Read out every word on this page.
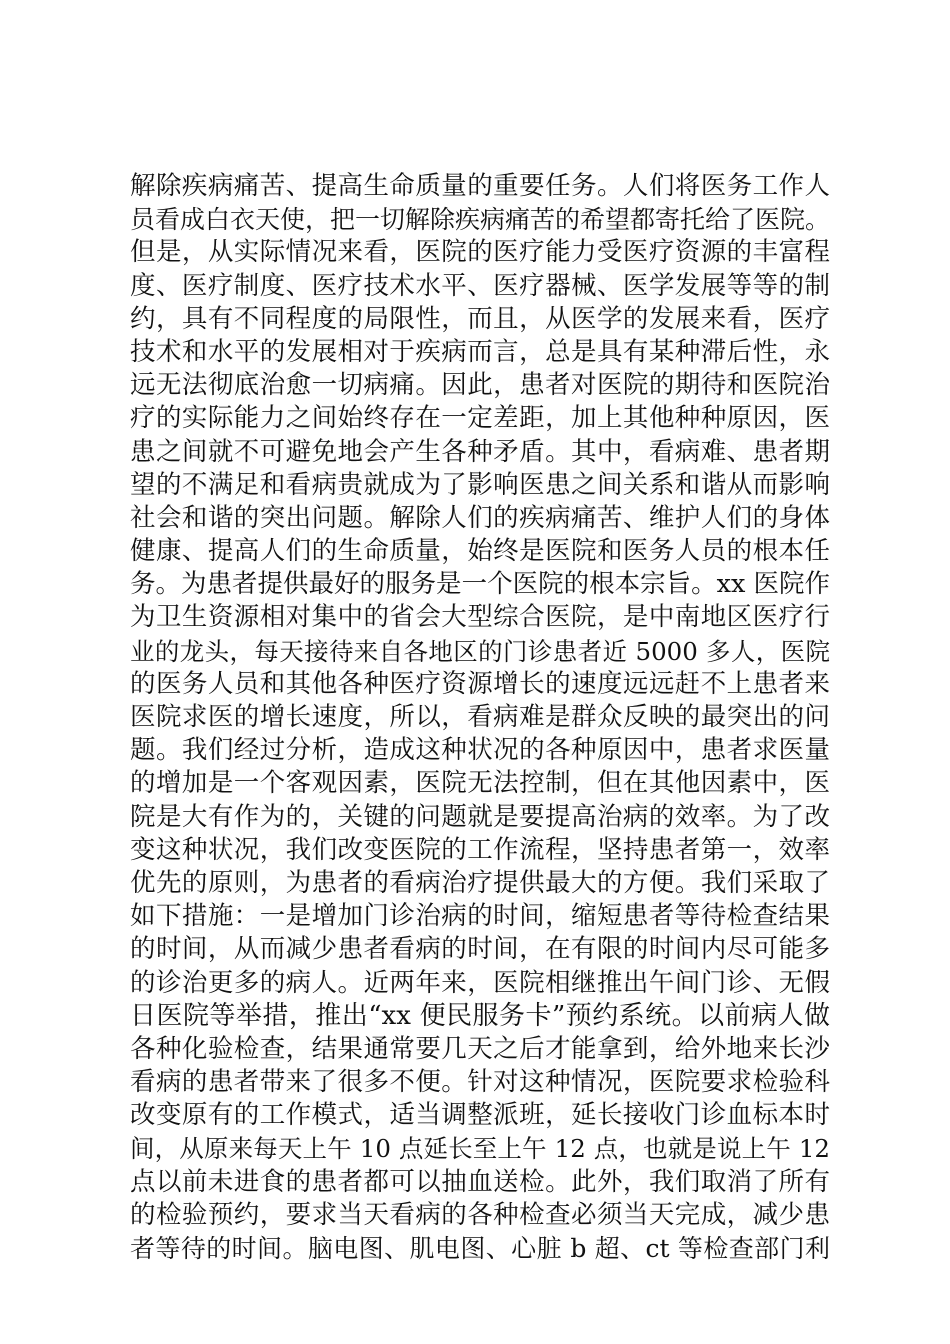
解除疾病痛苦、提高生命质量的重要任务。人们将医务工作人
员看成白衣天使，把一切解除疾病痛苦的希望都寄托给了医院。
但是，从实际情况来看，医院的医疗能力受医疗资源的丰富程
度、医疗制度、医疗技术水平、医疗器械、医学发展等等的制
约，具有不同程度的局限性，而且，从医学的发展来看，医疗
技术和水平的发展相对于疾病而言，总是具有某种滞后性，永
远无法彻底治愈一切病痛。因此，患者对医院的期待和医院治
疗的实际能力之间始终存在一定差距，加上其他种种原因，医
患之间就不可避免地会产生各种矛盾。其中，看病难、患者期
望的不满足和看病贵就成为了影响医患之间关系和谐从而影响
社会和谐的突出问题。解除人们的疾病痛苦、维护人们的身体
健康、提高人们的生命质量，始终是医院和医务人员的根本任
务。为患者提供最好的服务是一个医院的根本宗旨。xx 医院作
为卫生资源相对集中的省会大型综合医院，是中南地区医疗行
业的龙头，每天接待来自各地区的门诊患者近 5000 多人，医院
的医务人员和其他各种医疗资源增长的速度远远赶不上患者来
医院求医的增长速度，所以，看病难是群众反映的最突出的问
题。我们经过分析，造成这种状况的各种原因中，患者求医量
的增加是一个客观因素，医院无法控制，但在其他因素中，医
院是大有作为的，关键的问题就是要提高治病的效率。为了改
变这种状况，我们改变医院的工作流程，坚持患者第一，效率
优先的原则，为患者的看病治疗提供最大的方便。我们采取了
如下措施：一是增加门诊治病的时间，缩短患者等待检查结果
的时间，从而减少患者看病的时间，在有限的时间内尽可能多
的诊治更多的病人。近两年来，医院相继推出午间门诊、无假
日医院等举措，推出“xx 便民服务卡”预约系统。以前病人做
各种化验检查，结果通常要几天之后才能拿到，给外地来长沙
看病的患者带来了很多不便。针对这种情况，医院要求检验科
改变原有的工作模式，适当调整派班，延长接收门诊血标本时
间，从原来每天上午 10 点延长至上午 12 点，也就是说上午 12
点以前未进食的患者都可以抽血送检。此外，我们取消了所有
的检验预约，要求当天看病的各种检查必须当天完成，减少患
者等待的时间。脑电图、肌电图、心脏 b 超、ct 等检查部门利
